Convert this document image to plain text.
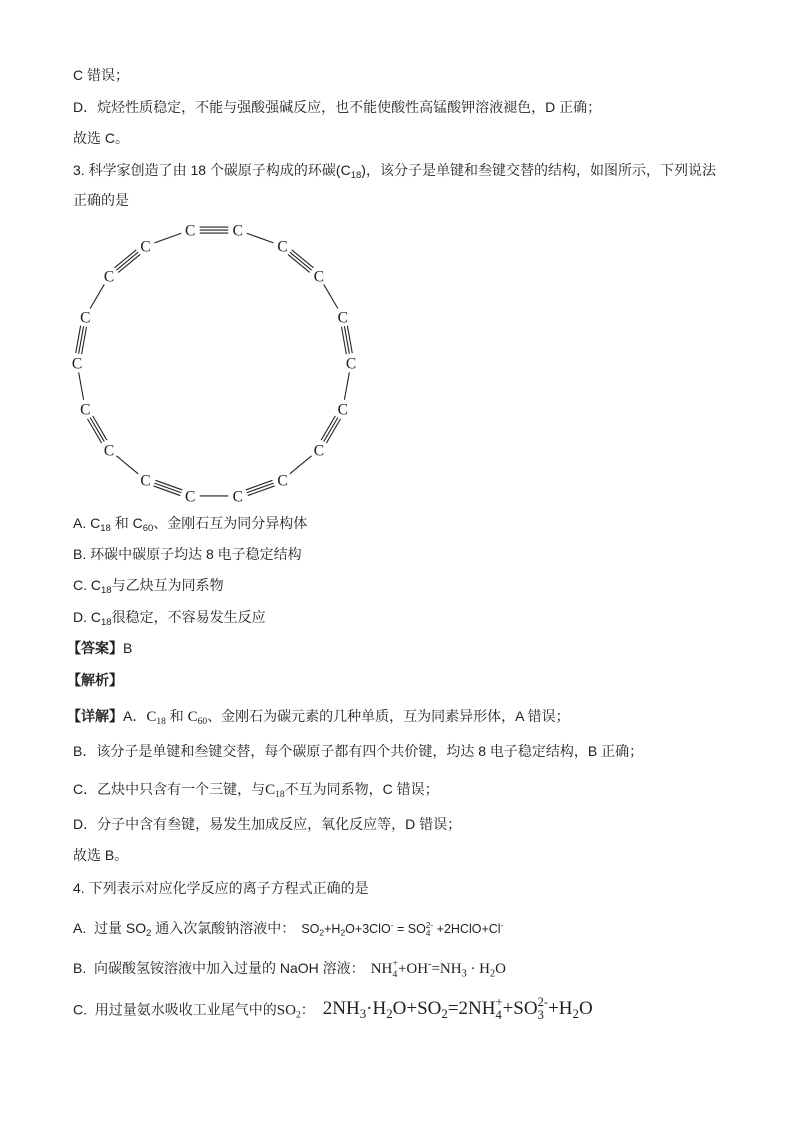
C 错误；
D．烷烃性质稳定，不能与强酸强碱反应，也不能使酸性高锰酸钾溶液褪色，D 正确；
故选 C。
3. 科学家创造了由 18 个碳原子构成的环碳$(C_{18})$，该分子是单键和叁键交替的结构，如图所示，下列说法
正确的是
C C
C
C
C
C
C
C
C
C
C
C
C
C
C
C
C
C
A. $C_{18}$ 和 $C_{60}$、金刚石互为同分异构体
B. 环碳中碳原子均达 8 电子稳定结构
C. $C_{18}$与乙炔互为同系物
D. $C_{18}$很稳定，不容易发生反应
【答案】B
【解析】
【详解】A．$C_{18}$ 和 $C_{60}$、金刚石为碳元素的几种单质，互为同素异形体，A 错误；
B．该分子是单键和叁键交替，每个碳原子都有四个共价键，均达 8 电子稳定结构，B 正确；
C．乙炔中只含有一个三键，与$C_{18}$不互为同系物，C 错误；
D．分子中含有叁键，易发生加成反应，氧化反应等，D 错误；
故选 B。
4. 下列表示对应化学反应的离子方程式正确的是
A.  过量 $SO_2$ 通入次氯酸钠溶液中： $SO_2+H_2O+3ClO^-$ = SO 2-
4 +2HClO+Cl-
B.  向碳酸氢铵溶液中加入过量的 NaOH 溶液： NH +
$4 +OH^-=NH_3 \cdot H_2O$
C.  用过量氨水吸收工业尾气中的$SO_2$： $2NH_3\cdot H_2O+SO_2=2NH$ +
4 +SO 2-
$3 +H_2O$
